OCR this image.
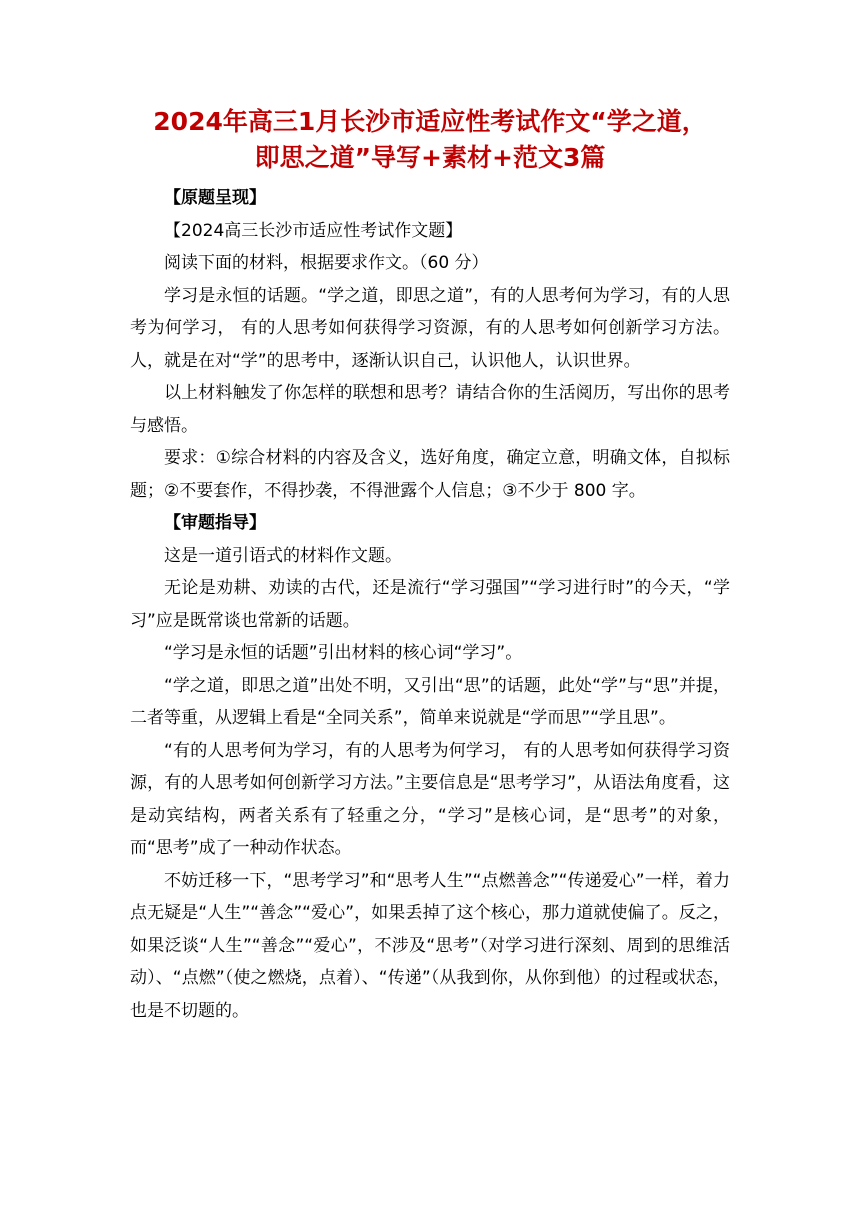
2024年高三1月长沙市适应性考试作文“学之道，
即思之道”导写+素材+范文3篇

【原题呈现】

【2024高三长沙市适应性考试作文题】

阅读下面的材料，根据要求作文。（60 分）

学习是永恒的话题。“学之道，即思之道”，有的人思考何为学习，有的人思考为何学习， 有的人思考如何获得学习资源，有的人思考如何创新学习方法。人，就是在对“学”的思考中，逐渐认识自己，认识他人，认识世界。

以上材料触发了你怎样的联想和思考？请结合你的生活阅历，写出你的思考与感悟。

要求：①综合材料的内容及含义，选好角度，确定立意，明确文体，自拟标题；②不要套作，不得抄袭，不得泄露个人信息；③不少于 800 字。

【审题指导】

这是一道引语式的材料作文题。

无论是劝耕、劝读的古代，还是流行“学习强国”“学习进行时”的今天，“学习”应是既常谈也常新的话题。

“学习是永恒的话题”引出材料的核心词“学习”。

“学之道，即思之道”出处不明，又引出“思”的话题，此处“学”与“思”并提，二者等重，从逻辑上看是“全同关系”，简单来说就是“学而思”“学且思”。

“有的人思考何为学习，有的人思考为何学习， 有的人思考如何获得学习资源，有的人思考如何创新学习方法。”主要信息是“思考学习”，从语法角度看，这是动宾结构，两者关系有了轻重之分，“学习”是核心词，是“思考”的对象，而“思考”成了一种动作状态。

不妨迁移一下，“思考学习”和“思考人生”“点燃善念”“传递爱心”一样，着力点无疑是“人生”“善念”“爱心”，如果丢掉了这个核心，那力道就使偏了。反之，如果泛谈“人生”“善念”“爱心”，不涉及“思考”（对学习进行深刻、周到的思维活动）、“点燃”（使之燃烧，点着）、“传递”（从我到你，从你到他）的过程或状态，也是不切题的。
